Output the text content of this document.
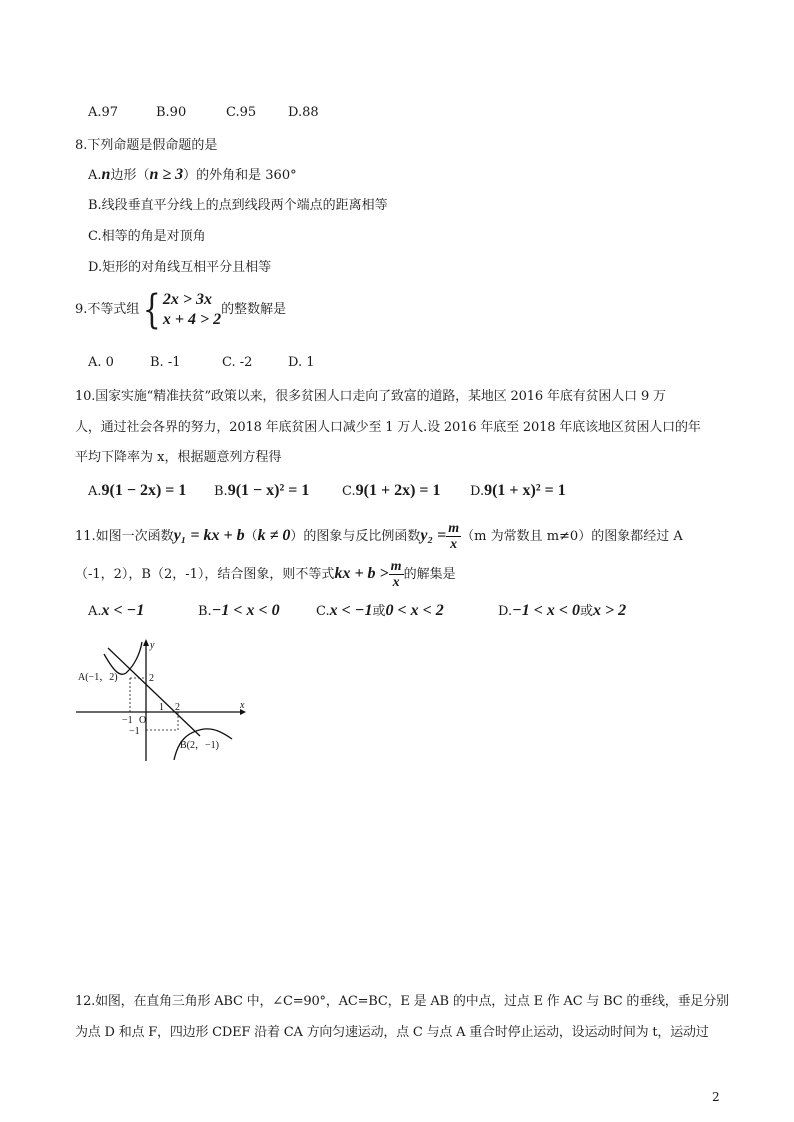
A.97	B.90	C.95 D.88
8.下列命题是假命题的是
A.n边形（n ≥ 3）的外角和是 360°
B.线段垂直平分线上的点到线段两个端点的距离相等
C.相等的角是对顶角
D.矩形的对角线互相平分且相等
9.不等式组 { 2x > 3x
x + 4 > 2
的整数解是
A. 0	B. -1	C. -2	D. 1
10.国家实施“精准扶贫”政策以来，很多贫困人口走向了致富的道路，某地区 2016 年底有贫困人口 9 万
人，通过社会各界的努力，2018 年底贫困人口减少至 1 万人.设 2016 年底至 2018 年底该地区贫困人口的年
平均下降率为 x，根据题意列方程得
A.9(1 − 2x) = 1 B.9(1 − x)² = 1	C.9(1 + 2x) = 1 D.9(1 + x)² = 1
11.如图一次函数y₁ = kx + b（k ≠ 0）的图象与反比例函数$y_2 = \frac{m}{x} (m$ 为常数且 m≠0）的图象都经过 A
（-1，2），B（2，-1），结合图象，则不等式kx + $b > \frac{m}{x}$ 的解集是
A.x < −1	B.−1 < x < 0	C.x < −1或0 < x < 2	D.−1 < x < 0或x > 2
A(−1，2)
B(2，−1)
y
x
2
−1 O
1 2
−1
12.如图，在直角三角形 ABC 中，∠C=90°，AC=BC，E 是 AB 的中点，过点 E 作 AC 与 BC 的垂线，垂足分别
为点 D 和点 F，四边形 CDEF 沿着 CA 方向匀速运动，点 C 与点 A 重合时停止运动，设运动时间为 t，运动过
2
